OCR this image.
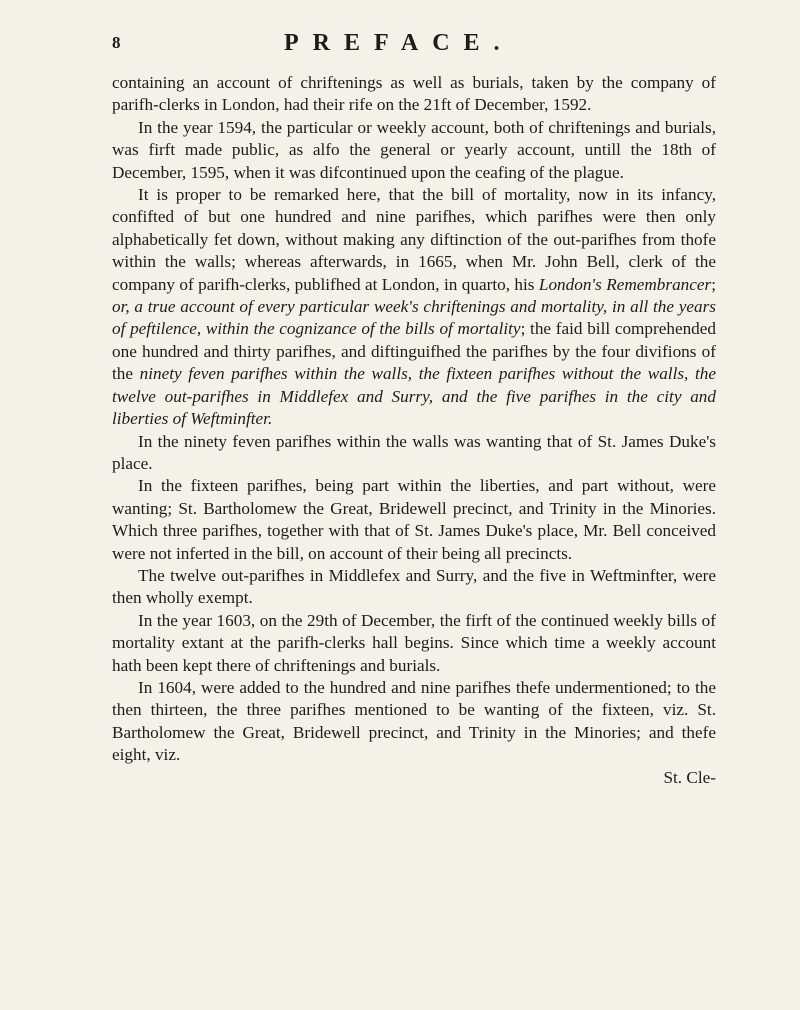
8	PREFACE.

containing an account of chriftenings as well as burials, taken by the company of parifh-clerks in London, had their rife on the 21ft of December, 1592.

In the year 1594, the particular or weekly account, both of chriftenings and burials, was firft made public, as alfo the general or yearly account, untill the 18th of December, 1595, when it was difcontinued upon the ceafing of the plague.

It is proper to be remarked here, that the bill of mortality, now in its infancy, confifted of but one hundred and nine parifhes, which parifhes were then only alphabetically fet down, without making any diftinction of the out-parifhes from thofe within the walls; whereas afterwards, in 1665, when Mr. John Bell, clerk of the company of parifh-clerks, publifhed at London, in quarto, his London's Remembrancer; or, a true account of every particular week's chriftenings and mortality, in all the years of peftilence, within the cognizance of the bills of mortality; the faid bill comprehended one hundred and thirty parifhes, and diftinguifhed the parifhes by the four divifions of the ninety feven parifhes within the walls, the fixteen parifhes without the walls, the twelve out-parifhes in Middlefex and Surry, and the five parifhes in the city and liberties of Weftminfter.

In the ninety feven parifhes within the walls was wanting that of St. James Duke's place.

In the fixteen parifhes, being part within the liberties, and part without, were wanting; St. Bartholomew the Great, Bridewell precinct, and Trinity in the Minories. Which three parifhes, together with that of St. James Duke's place, Mr. Bell conceived were not inferted in the bill, on account of their being all precincts.

The twelve out-parifhes in Middlefex and Surry, and the five in Weftminfter, were then wholly exempt.

In the year 1603, on the 29th of December, the firft of the continued weekly bills of mortality extant at the parifh-clerks hall begins. Since which time a weekly account hath been kept there of chriftenings and burials.

In 1604, were added to the hundred and nine parifhes thefe undermentioned; to the then thirteen, the three parifhes mentioned to be wanting of the fixteen, viz. St. Bartholomew the Great, Bridewell precinct, and Trinity in the Minories; and thefe eight, viz.

St. Cle-
